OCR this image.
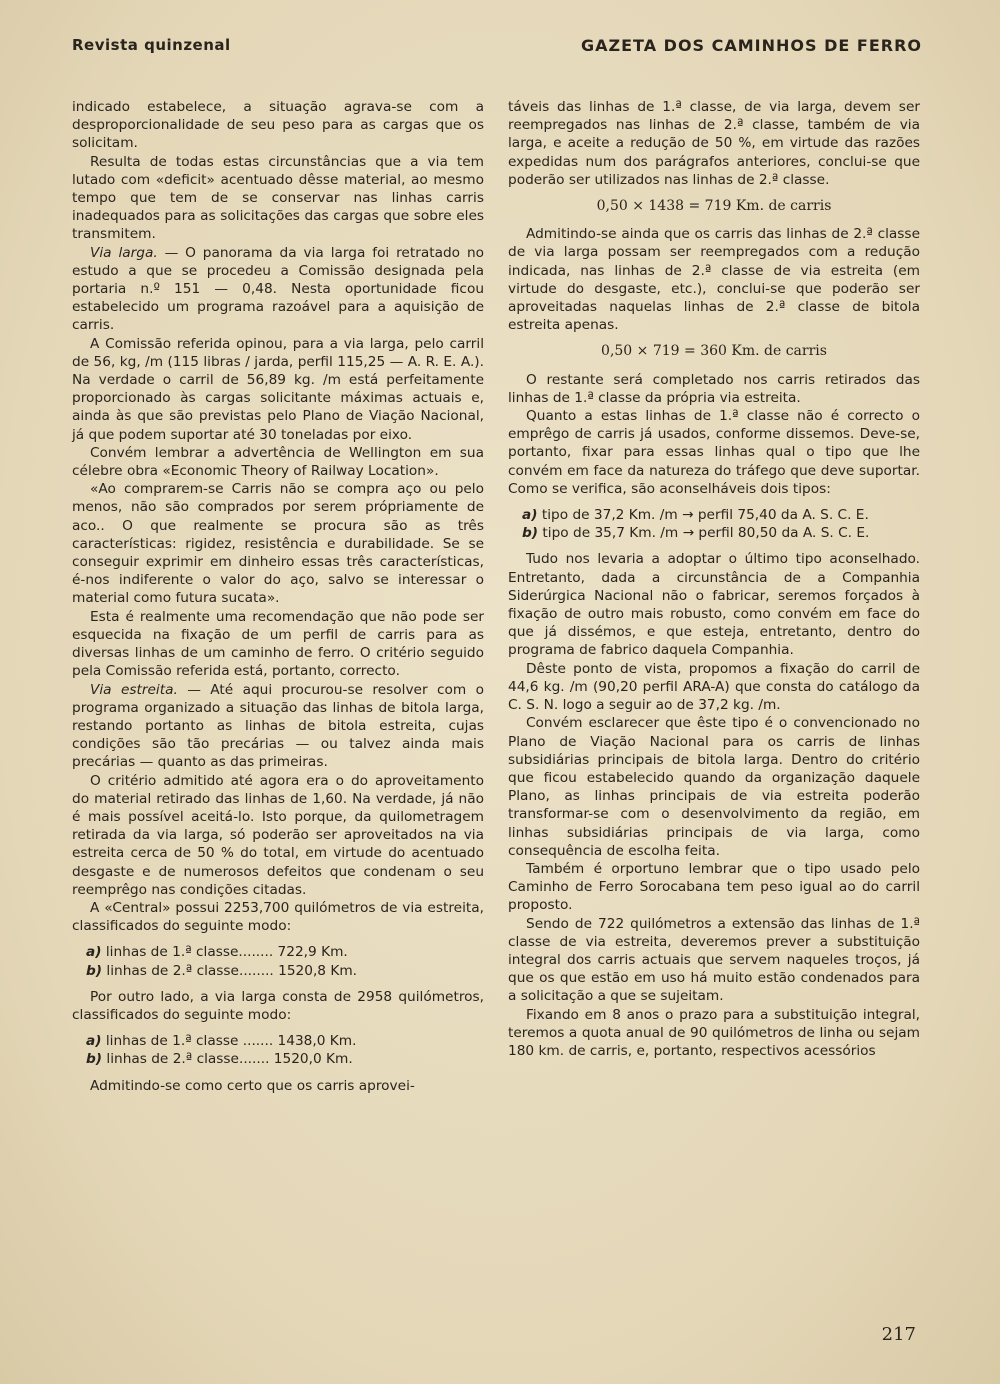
Revista quinzenal	GAZETA DOS CAMINHOS DE FERRO

indicado estabelece, a situação agrava-se com a desproporcionalidade de seu peso para as cargas que os solicitam.

Resulta de todas estas circunstâncias que a via tem lutado com «deficit» acentuado dêsse material, ao mesmo tempo que tem de se conservar nas linhas carris inadequados para as solicitações das cargas que sobre eles transmitem.

Via larga. — O panorama da via larga foi retratado no estudo a que se procedeu a Comissão designada pela portaria n.º 151 — 0,48. Nesta oportunidade ficou estabelecido um programa razoável para a aquisição de carris.

A Comissão referida opinou, para a via larga, pelo carril de 56, kg, /m (115 libras / jarda, perfil 115,25 — A. R. E. A.). Na verdade o carril de 56,89 kg. /m está perfeitamente proporcionado às cargas solicitante máximas actuais e, ainda às que são previstas pelo Plano de Viação Nacional, já que podem suportar até 30 toneladas por eixo.

Convém lembrar a advertência de Wellington em sua célebre obra «Economic Theory of Railway Location».

«Ao comprarem-se Carris não se compra aço ou pelo menos, não são comprados por serem própriamente de aco.. O que realmente se procura são as três características: rigidez, resistência e durabilidade. Se se conseguir exprimir em dinheiro essas três características, é-nos indiferente o valor do aço, salvo se interessar o material como futura sucata».

Esta é realmente uma recomendação que não pode ser esquecida na fixação de um perfil de carris para as diversas linhas de um caminho de ferro. O critério seguido pela Comissão referida está, portanto, correcto.

Via estreita. — Até aqui procurou-se resolver com o programa organizado a situação das linhas de bitola larga, restando portanto as linhas de bitola estreita, cujas condições são tão precárias — ou talvez ainda mais precárias — quanto as das primeiras.

O critério admitido até agora era o do aproveitamento do material retirado das linhas de 1,60. Na verdade, já não é mais possível aceitá-lo. Isto porque, da quilometragem retirada da via larga, só poderão ser aproveitados na via estreita cerca de 50 % do total, em virtude do acentuado desgaste e de numerosos defeitos que condenam o seu reemprêgo nas condições citadas.

A «Central» possui 2253,700 quilómetros de via estreita, classificados do seguinte modo:

a) linhas de 1.ª classe........ 722,9 Km.

b) linhas de 2.ª classe........ 1520,8 Km.

Por outro lado, a via larga consta de 2958 quilómetros, classificados do seguinte modo:

a) linhas de 1.ª classe ....... 1438,0 Km.

b) linhas de 2.ª classe....... 1520,0 Km.

Admitindo-se como certo que os carris aprovei-

táveis das linhas de 1.ª classe, de via larga, devem ser reempregados nas linhas de 2.ª classe, também de via larga, e aceite a redução de 50 %, em virtude das razões expedidas num dos parágrafos anteriores, conclui-se que poderão ser utilizados nas linhas de 2.ª classe.

0,50 × 1438 = 719 Km. de carris

Admitindo-se ainda que os carris das linhas de 2.ª classe de via larga possam ser reempregados com a redução indicada, nas linhas de 2.ª classe de via estreita (em virtude do desgaste, etc.), conclui-se que poderão ser aproveitadas naquelas linhas de 2.ª classe de bitola estreita apenas.

0,50 × 719 = 360 Km. de carris

O restante será completado nos carris retirados das linhas de 1.ª classe da própria via estreita.

Quanto a estas linhas de 1.ª classe não é correcto o emprêgo de carris já usados, conforme dissemos. Deve-se, portanto, fixar para essas linhas qual o tipo que lhe convém em face da natureza do tráfego que deve suportar. Como se verifica, são aconselháveis dois tipos:

a) tipo de 37,2 Km. /m → perfil 75,40 da A. S. C. E.

b) tipo de 35,7 Km. /m → perfil 80,50 da A. S. C. E.

Tudo nos levaria a adoptar o último tipo aconselhado. Entretanto, dada a circunstância de a Companhia Siderúrgica Nacional não o fabricar, seremos forçados à fixação de outro mais robusto, como convém em face do que já dissémos, e que esteja, entretanto, dentro do programa de fabrico daquela Companhia.

Dêste ponto de vista, propomos a fixação do carril de 44,6 kg. /m (90,20 perfil ARA-A) que consta do catálogo da C. S. N. logo a seguir ao de 37,2 kg. /m.

Convém esclarecer que êste tipo é o convencionado no Plano de Viação Nacional para os carris de linhas subsidiárias principais de bitola larga. Dentro do critério que ficou estabelecido quando da organização daquele Plano, as linhas principais de via estreita poderão transformar-se com o desenvolvimento da região, em linhas subsidiárias principais de via larga, como consequência de escolha feita.

Também é orportuno lembrar que o tipo usado pelo Caminho de Ferro Sorocabana tem peso igual ao do carril proposto.

Sendo de 722 quilómetros a extensão das linhas de 1.ª classe de via estreita, deveremos prever a substituição integral dos carris actuais que servem naqueles troços, já que os que estão em uso há muito estão condenados para a solicitação a que se sujeitam.

Fixando em 8 anos o prazo para a substituição integral, teremos a quota anual de 90 quilómetros de linha ou sejam 180 km. de carris, e, portanto, respectivos acessórios

217
